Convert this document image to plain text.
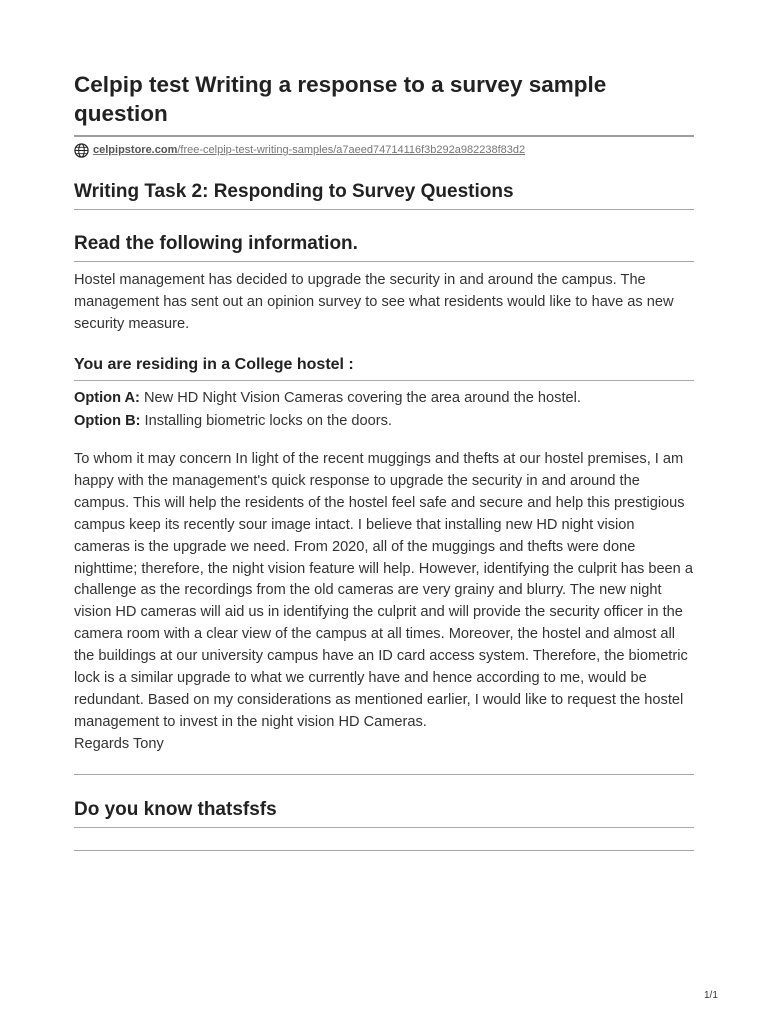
Celpip test Writing a response to a survey sample question
celpipstore.com/free-celpip-test-writing-samples/a7aeed74714116f3b292a982238f83d2
Writing Task 2: Responding to Survey Questions
Read the following information.

Hostel management has decided to upgrade the security in and around the campus. The management has sent out an opinion survey to see what residents would like to have as new security measure.

You are residing in a College hostel :

Option A: New HD Night Vision Cameras covering the area around the hostel.

Option B: Installing biometric locks on the doors.

To whom it may concern In light of the recent muggings and thefts at our hostel premises, I am happy with the management's quick response to upgrade the security in and around the campus. This will help the residents of the hostel feel safe and secure and help this prestigious campus keep its recently sour image intact. I believe that installing new HD night vision cameras is the upgrade we need. From 2020, all of the muggings and thefts were done nighttime; therefore, the night vision feature will help. However, identifying the culprit has been a challenge as the recordings from the old cameras are very grainy and blurry. The new night vision HD cameras will aid us in identifying the culprit and will provide the security officer in the camera room with a clear view of the campus at all times. Moreover, the hostel and almost all the buildings at our university campus have an ID card access system. Therefore, the biometric lock is a similar upgrade to what we currently have and hence according to me, would be redundant. Based on my considerations as mentioned earlier, I would like to request the hostel management to invest in the night vision HD Cameras.
Regards Tony

Do you know thatsfsfs
1/1
